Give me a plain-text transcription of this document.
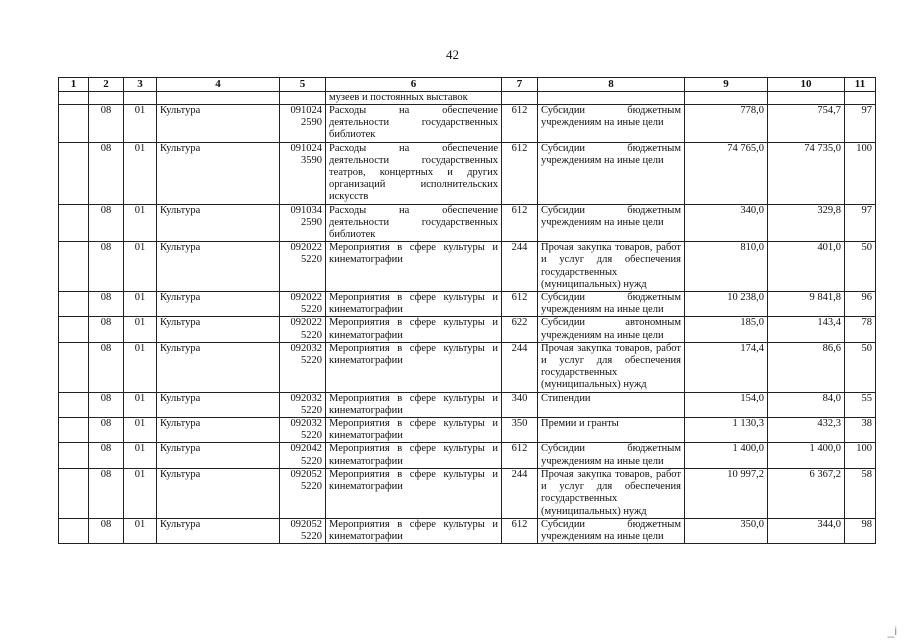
42
1	2	3	4	5	6	7	8	9	10	11
					музеев и постоянных выставок					
	08	01	Культура	091024 2590	Расходы на обеспечение деятельности государственных библиотек	612	Субсидии бюджетным учреждениям на иные цели	778,0	754,7	97
	08	01	Культура	091024 3590	Расходы на обеспечение деятельности государственных театров, концертных и других организаций исполнительских искусств	612	Субсидии бюджетным учреждениям на иные цели	74 765,0	74 735,0	100
	08	01	Культура	091034 2590	Расходы на обеспечение деятельности государственных библиотек	612	Субсидии бюджетным учреждениям на иные цели	340,0	329,8	97
	08	01	Культура	092022 5220	Мероприятия в сфере культуры и кинематографии	244	Прочая закупка товаров, работ и услуг для обеспечения государственных (муниципальных) нужд	810,0	401,0	50
	08	01	Культура	092022 5220	Мероприятия в сфере культуры и кинематографии	612	Субсидии бюджетным учреждениям на иные цели	10 238,0	9 841,8	96
	08	01	Культура	092022 5220	Мероприятия в сфере культуры и кинематографии	622	Субсидии автономным учреждениям на иные цели	185,0	143,4	78
	08	01	Культура	092032 5220	Мероприятия в сфере культуры и кинематографии	244	Прочая закупка товаров, работ и услуг для обеспечения государственных (муниципальных) нужд	174,4	86,6	50
	08	01	Культура	092032 5220	Мероприятия в сфере культуры и кинематографии	340	Стипендии	154,0	84,0	55
	08	01	Культура	092032 5220	Мероприятия в сфере культуры и кинематографии	350	Премии и гранты	1 130,3	432,3	38
	08	01	Культура	092042 5220	Мероприятия в сфере культуры и кинематографии	612	Субсидии бюджетным учреждениям на иные цели	1 400,0	1 400,0	100
	08	01	Культура	092052 5220	Мероприятия в сфере культуры и кинематографии	244	Прочая закупка товаров, работ и услуг для обеспечения государственных (муниципальных) нужд	10 997,2	6 367,2	58
	08	01	Культура	092052 5220	Мероприятия в сфере культуры и кинематографии	612	Субсидии бюджетным учреждениям на иные цели	350,0	344,0	98
_i
